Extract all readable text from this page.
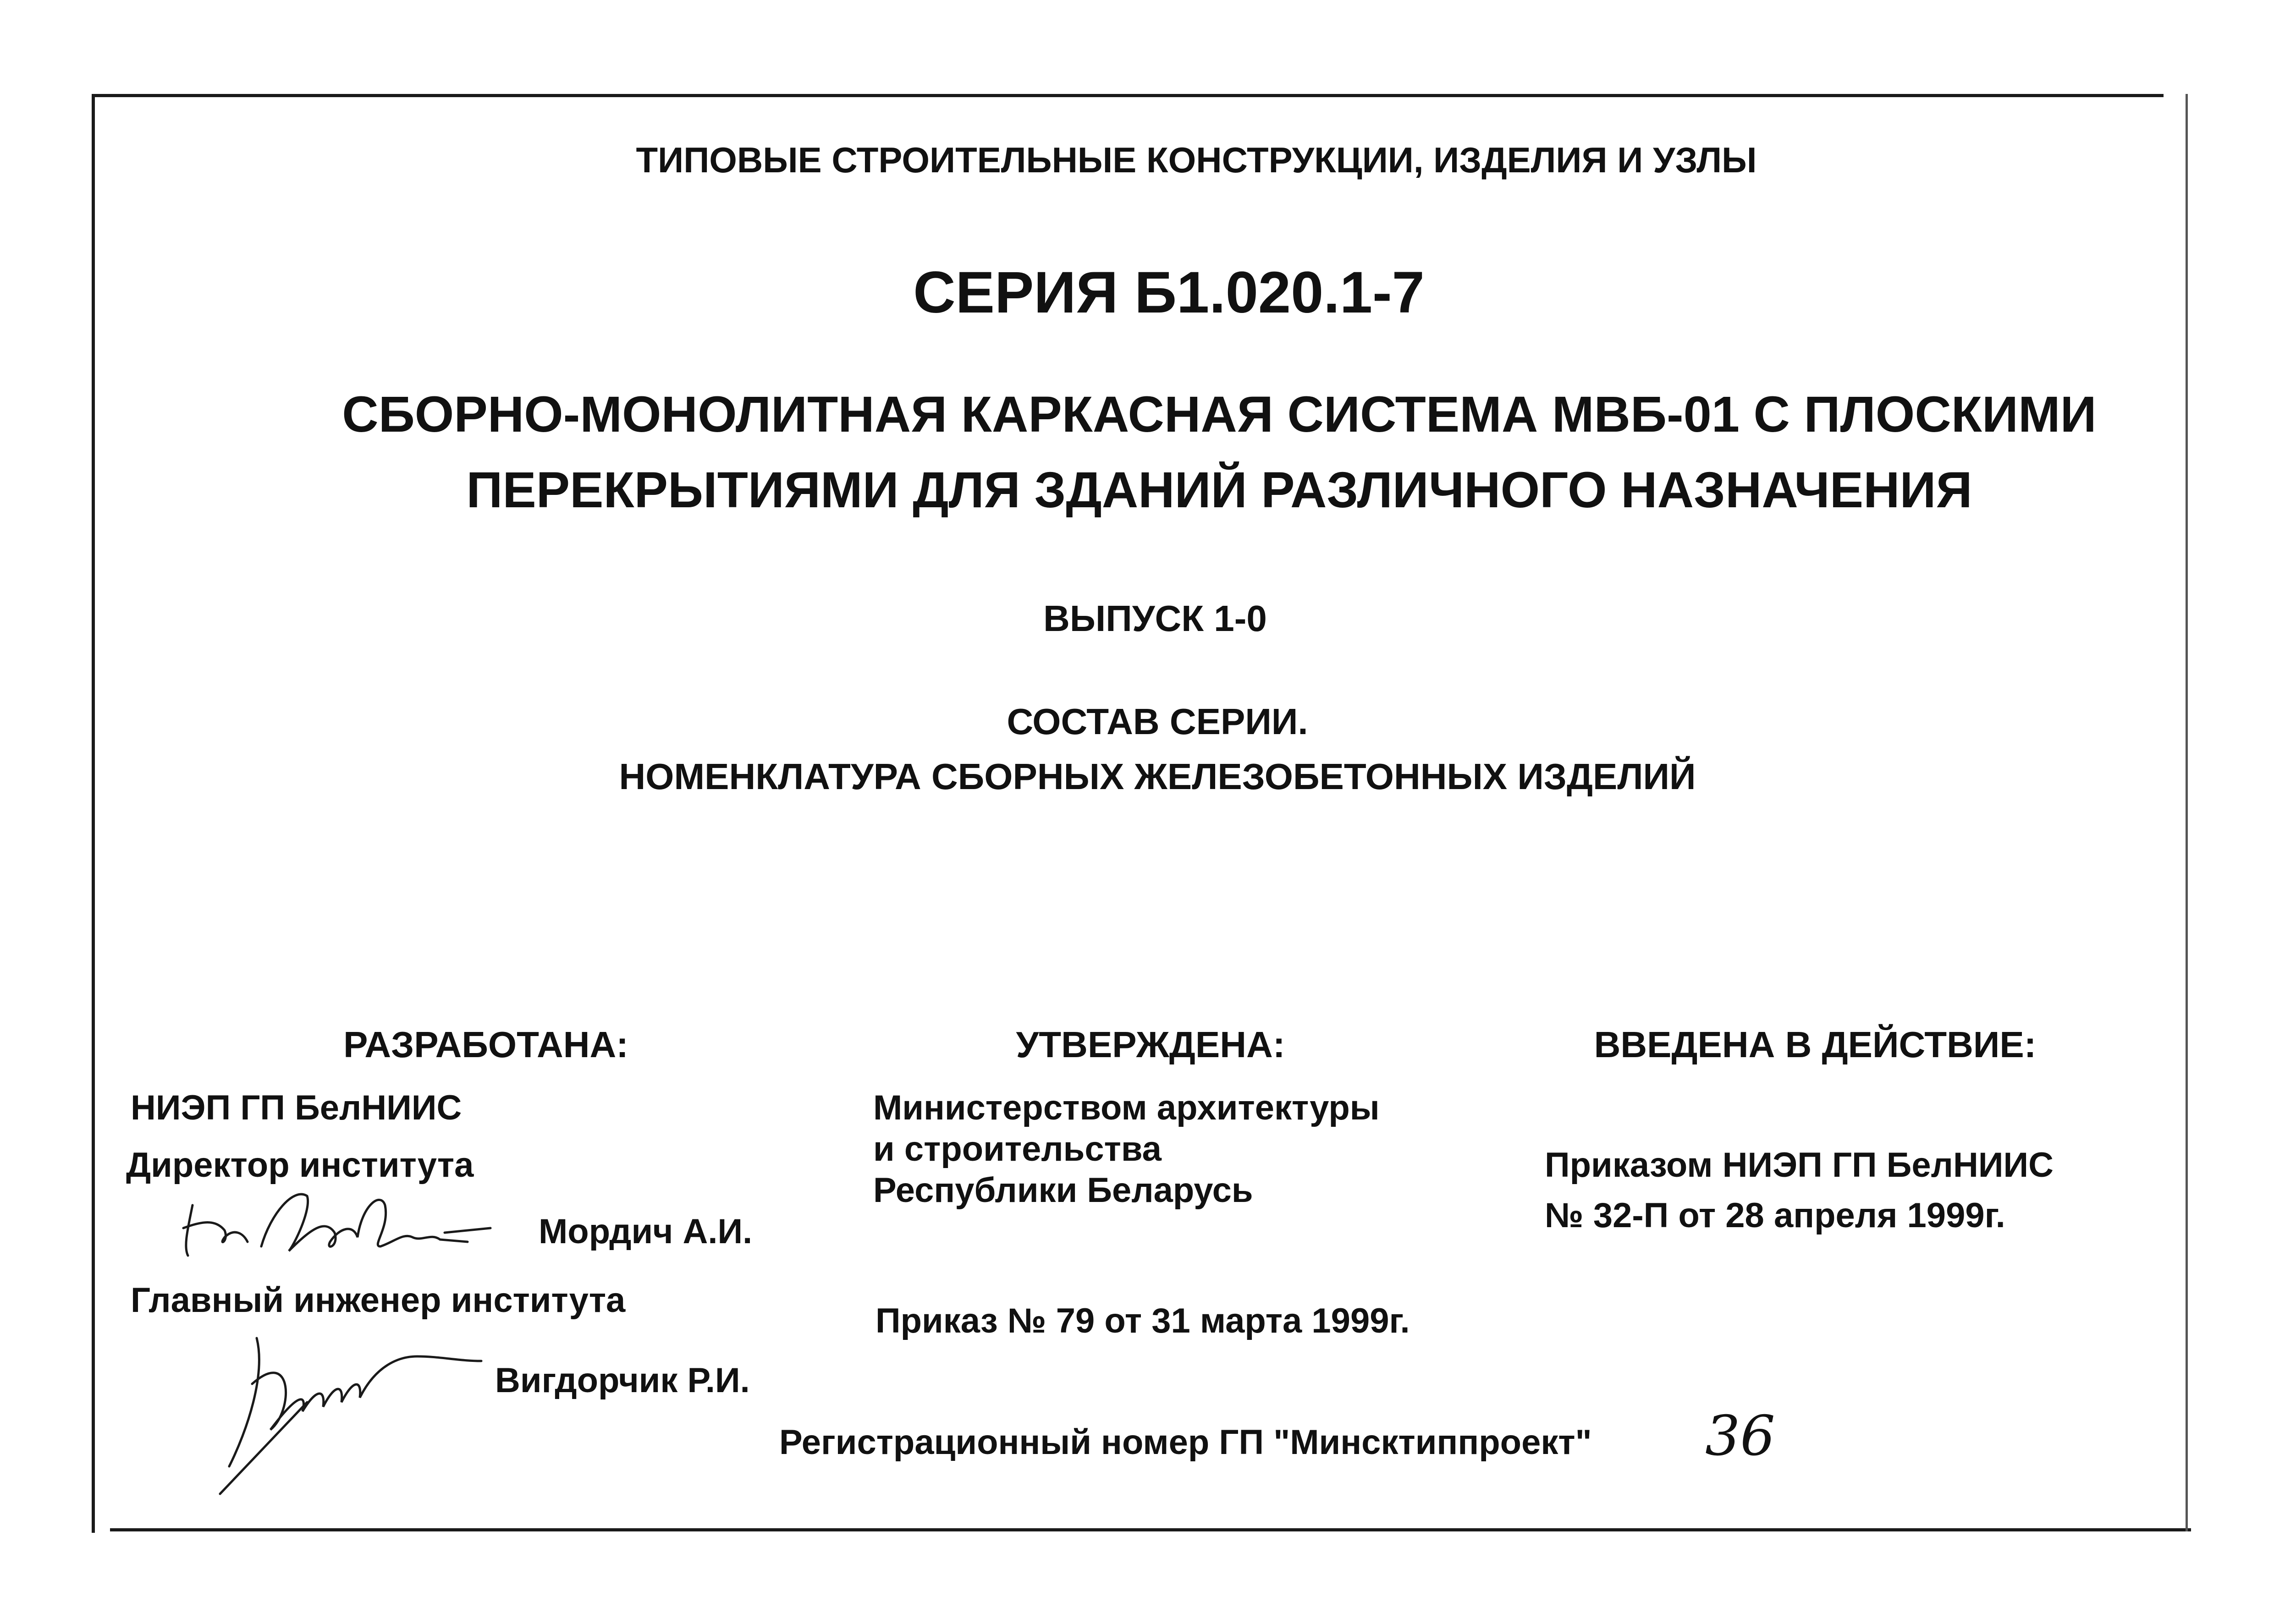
ТИПОВЫЕ СТРОИТЕЛЬНЫЕ КОНСТРУКЦИИ, ИЗДЕЛИЯ И УЗЛЫ
СЕРИЯ Б1.020.1-7
СБОРНО-МОНОЛИТНАЯ КАРКАСНАЯ СИСТЕМА МВБ-01 С ПЛОСКИМИ
ПЕРЕКРЫТИЯМИ ДЛЯ ЗДАНИЙ РАЗЛИЧНОГО НАЗНАЧЕНИЯ
ВЫПУСК 1-0
СОСТАВ СЕРИИ.
НОМЕНКЛАТУРА СБОРНЫХ ЖЕЛЕЗОБЕТОННЫХ ИЗДЕЛИЙ
РАЗРАБОТАНА:
НИЭП ГП БелНИИС
Директор института
Мордич А.И.
Главный инженер института
Вигдорчик Р.И.
УТВЕРЖДЕНА:
Министерством архитектуры
и строительства
Республики Беларусь
Приказ № 79 от 31 марта 1999г.
ВВЕДЕНА В ДЕЙСТВИЕ:
Приказом НИЭП ГП БелНИИС
№ 32-П от 28 апреля 1999г.
Регистрационный номер ГП "Минсктиппроект" 36
